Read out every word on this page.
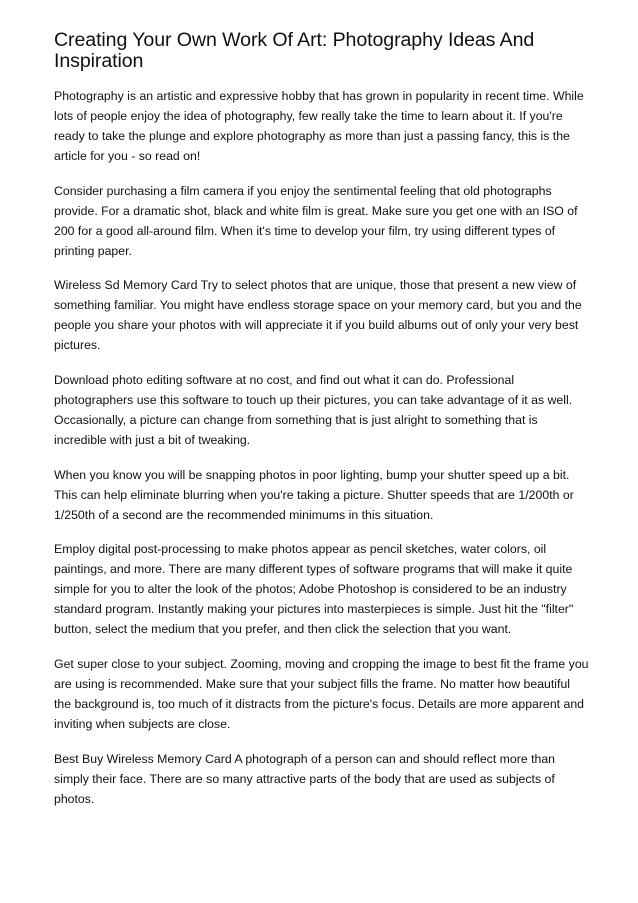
Creating Your Own Work Of Art: Photography Ideas And Inspiration

Photography is an artistic and expressive hobby that has grown in popularity in recent time. While lots of people enjoy the idea of photography, few really take the time to learn about it. If you're ready to take the plunge and explore photography as more than just a passing fancy, this is the article for you - so read on!

Consider purchasing a film camera if you enjoy the sentimental feeling that old photographs provide. For a dramatic shot, black and white film is great. Make sure you get one with an ISO of 200 for a good all-around film. When it's time to develop your film, try using different types of printing paper.

Wireless Sd Memory Card Try to select photos that are unique, those that present a new view of something familiar. You might have endless storage space on your memory card, but you and the people you share your photos with will appreciate it if you build albums out of only your very best pictures.

Download photo editing software at no cost, and find out what it can do. Professional photographers use this software to touch up their pictures, you can take advantage of it as well. Occasionally, a picture can change from something that is just alright to something that is incredible with just a bit of tweaking.

When you know you will be snapping photos in poor lighting, bump your shutter speed up a bit. This can help eliminate blurring when you're taking a picture. Shutter speeds that are 1/200th or 1/250th of a second are the recommended minimums in this situation.

Employ digital post-processing to make photos appear as pencil sketches, water colors, oil paintings, and more. There are many different types of software programs that will make it quite simple for you to alter the look of the photos; Adobe Photoshop is considered to be an industry standard program. Instantly making your pictures into masterpieces is simple. Just hit the "filter" button, select the medium that you prefer, and then click the selection that you want.

Get super close to your subject. Zooming, moving and cropping the image to best fit the frame you are using is recommended. Make sure that your subject fills the frame. No matter how beautiful the background is, too much of it distracts from the picture's focus. Details are more apparent and inviting when subjects are close.

Best Buy Wireless Memory Card A photograph of a person can and should reflect more than simply their face. There are so many attractive parts of the body that are used as subjects of photos.
